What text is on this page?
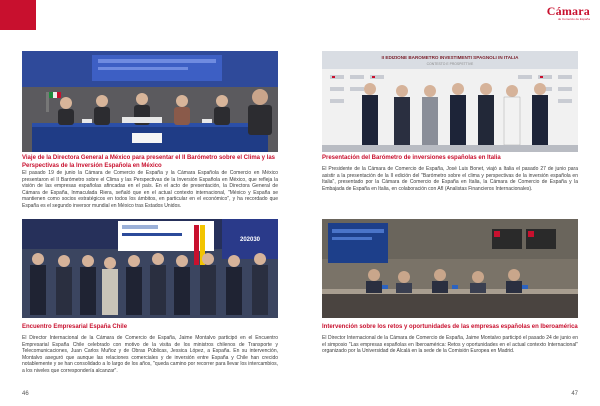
Cámara
de Comercio de España
II EDIZIONE BAROMETRO INVESTIMENTI SPAGNOLI IN ITALIA
CONTESTO E PROSPETTIVE
Viaje de la Directora General a México para presentar el II Barómetro sobre el Clima y las Perspectivas de la Inversión Española en México
El pasado 19 de junio la Cámara de Comercio de España y la Cámara Española de Comercio en México presentaron el II Barómetro sobre el Clima y las Perspectivas de la Inversión Española en México, que refleja la visión de las empresas españolas afincadas en el país. En el acto de presentación, la Directora General de Cámara de España, Inmaculada Riera, señaló que en el actual contexto internacional, "México y España se mantienen como socios estratégicos en todos los ámbitos, en particular en el económico", y ha recordado que España es el segundo inversor mundial en México tras Estados Unidos.
Presentación del Barómetro de inversiones españolas en Italia
El Presidente de la Cámara de Comercio de España, José Luis Bonet, viajó a Italia el pasado 27 de junio para asistir a la presentación de la II edición del "Barómetro sobre el clima y perspectivas de la inversión española en Italia", presentado por la Cámara de Comercio de España en Italia, la Cámara de Comercio de España y la Embajada de España en Italia, en colaboración con AfI (Analistas Financieros Internacionales).
202030
Encuentro Empresarial España Chile
El Director Internacional de la Cámara de Comercio de España, Jaime Montalvo participó en el Encuentro Empresarial España Chile celebrado con motivo de la visita de los ministros chilenos de Transporte y Telecomunicaciones, Juan Carlos Muñoz y de Obras Públicas, Jessica López, a España. En su intervención, Montalvo aseguró que aunque las relaciones comerciales y de inversión entre España y Chile han crecido notablemente y se han consolidado a lo largo de los años, "queda camino por recorrer para llevar los intercambios, a los niveles que correspondería alcanzar".
Intervención sobre los retos y oportunidades de las empresas españolas en Iberoamérica
El Director Internacional de la Cámara de Comercio de España, Jaime Montalvo participó el pasado 24 de junio en el simposio "Las empresas españolas en Iberoamérica: Retos y oportunidades en el actual contexto Internacional" organizado por la Universidad de Alcalá en la sede de la Comisión Europea en Madrid.
46	47
